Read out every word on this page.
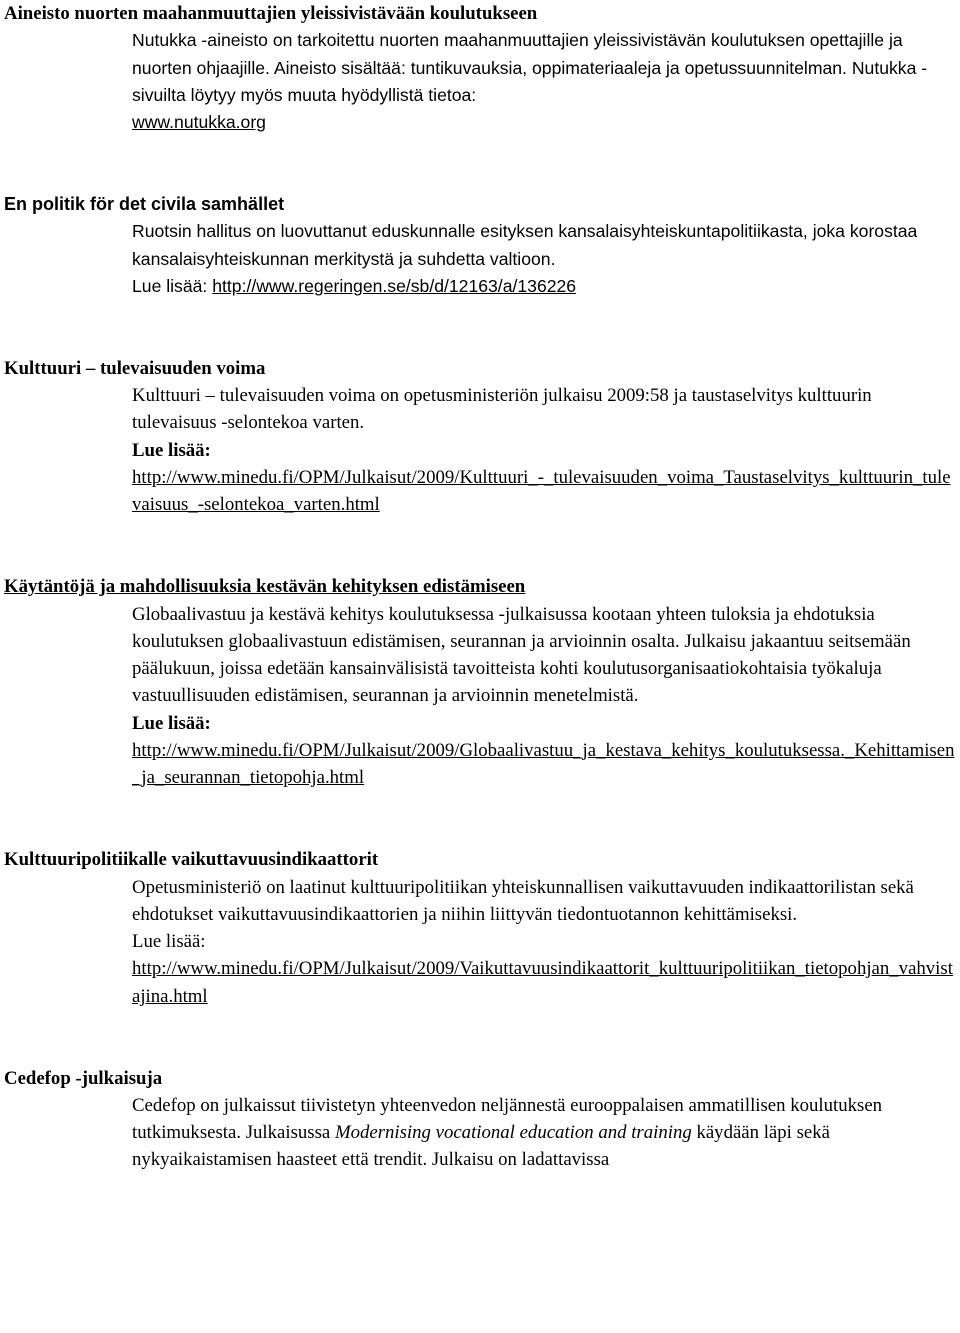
Aineisto nuorten maahanmuuttajien yleissivistävään koulutukseen

Nutukka -aineisto on tarkoitettu nuorten maahanmuuttajien yleissivistävän koulutuksen opettajille ja nuorten ohjaajille. Aineisto sisältää: tuntikuvauksia, oppimateriaaleja ja opetussuunnitelman. Nutukka -sivuilta löytyy myös muuta hyödyllistä tietoa:

www.nutukka.org

En politik för det civila samhället

Ruotsin hallitus on luovuttanut eduskunnalle esityksen kansalaisyhteiskuntapolitiikasta, joka korostaa kansalaisyhteiskunnan merkitystä ja suhdetta valtioon.

Lue lisää: http://www.regeringen.se/sb/d/12163/a/136226

Kulttuuri – tulevaisuuden voima

Kulttuuri – tulevaisuuden voima on opetusministeriön julkaisu 2009:58 ja taustaselvitys kulttuurin tulevaisuus -selontekoa varten.

Lue lisää:

http://www.minedu.fi/OPM/Julkaisut/2009/Kulttuuri_-_tulevaisuuden_voima_Taustaselvitys_kulttuurin_tulevaisuus_-selontekoa_varten.html

Käytäntöjä ja mahdollisuuksia kestävän kehityksen edistämiseen

Globaalivastuu ja kestävä kehitys koulutuksessa -julkaisussa kootaan yhteen tuloksia ja ehdotuksia koulutuksen globaalivastuun edistämisen, seurannan ja arvioinnin osalta. Julkaisu jakaantuu seitsemään päälukuun, joissa edetään kansainvälisistä tavoitteista kohti koulutusorganisaatiokohtaisia työkaluja vastuullisuuden edistämisen, seurannan ja arvioinnin menetelmistä.

Lue lisää:

http://www.minedu.fi/OPM/Julkaisut/2009/Globaalivastuu_ja_kestava_kehitys_koulutuksessa._Kehittamisen_ja_seurannan_tietopohja.html

Kulttuuripolitiikalle vaikuttavuusindikaattorit

Opetusministeriö on laatinut kulttuuripolitiikan yhteiskunnallisen vaikuttavuuden indikaattorilistan sekä ehdotukset vaikuttavuusindikaattorien ja niihin liittyvän tiedontuotannon kehittämiseksi.

Lue lisää:

http://www.minedu.fi/OPM/Julkaisut/2009/Vaikuttavuusindikaattorit_kulttuuripolitiikan_tietopohjan_vahvistajina.html

Cedefop -julkaisuja

Cedefop on julkaissut tiivistetyn yhteenvedon neljännestä eurooppalaisen ammatillisen koulutuksen tutkimuksesta. Julkaisussa Modernising vocational education and training käydään läpi sekä nykyaikaistamisen haasteet että trendit. Julkaisu on ladattavissa
